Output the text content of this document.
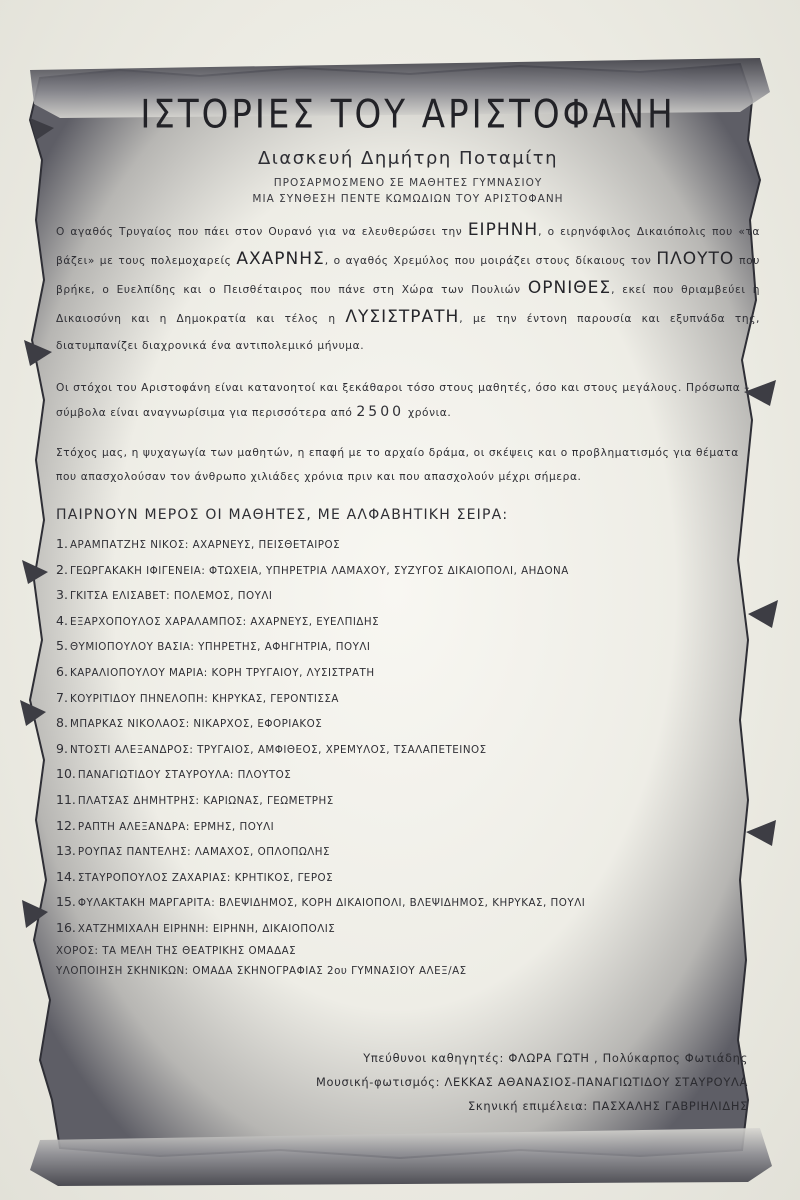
ΙΣΤΟΡΙΕΣ ΤΟΥ ΑΡΙΣΤΟΦΑΝΗ
Διασκευή Δημήτρη Ποταμίτη
ΠΡΟΣΑΡΜΟΣΜΕΝΟ ΣΕ ΜΑΘΗΤΕΣ ΓΥΜΝΑΣΙΟΥ
ΜΙΑ ΣΥΝΘΕΣΗ ΠΕΝΤΕ ΚΩΜΩΔΙΩΝ ΤΟΥ ΑΡΙΣΤΟΦΑΝΗ

Ο αγαθός Τρυγαίος που πάει στον Ουρανό για να ελευθερώσει την ΕΙΡΗΝΗ, ο ειρηνόφιλος Δικαιόπολις που «τα βάζει» με τους πολεμοχαρείς ΑΧΑΡΝΗΣ, ο αγαθός Χρεμύλος που μοιράζει στους δίκαιους τον ΠΛΟΥΤΟ που βρήκε, ο Ευελπίδης και ο Πεισθέταιρος που πάνε στη Χώρα των Πουλιών ΟΡΝΙΘΕΣ, εκεί που θριαμβεύει η Δικαιοσύνη και η Δημοκρατία και τέλος η ΛΥΣΙΣΤΡΑΤΗ, με την έντονη παρουσία και εξυπνάδα της, διατυμπανίζει διαχρονικά ένα αντιπολεμικό μήνυμα.

Οι στόχοι του Αριστοφάνη είναι κατανοητοί και ξεκάθαροι τόσο στους μαθητές, όσο και στους μεγάλους. Πρόσωπα – σύμβολα είναι αναγνωρίσιμα για περισσότερα από 2500 χρόνια.

Στόχος μας, η ψυχαγωγία των μαθητών, η επαφή με το αρχαίο δράμα, οι σκέψεις και ο προβληματισμός για θέματα που απασχολούσαν τον άνθρωπο χιλιάδες χρόνια πριν και που απασχολούν μέχρι σήμερα.

ΠΑΙΡΝΟΥΝ ΜΕΡΟΣ ΟΙ ΜΑΘΗΤΕΣ, ΜΕ ΑΛΦΑΒΗΤΙΚΗ ΣΕΙΡΑ:
1. ΑΡΑΜΠΑΤΖΗΣ ΝΙΚΟΣ: ΑΧΑΡΝΕΥΣ, ΠΕΙΣΘΕΤΑΙΡΟΣ
2. ΓΕΩΡΓΑΚΑΚΗ ΙΦΙΓΕΝΕΙΑ: ΦΤΩΧΕΙΑ, ΥΠΗΡΕΤΡΙΑ ΛΑΜΑΧΟΥ, ΣΥΖΥΓΟΣ ΔΙΚΑΙΟΠΟΛΙ, ΑΗΔΟΝΑ
3. ΓΚΙΤΣΑ ΕΛΙΣΑΒΕΤ: ΠΟΛΕΜΟΣ, ΠΟΥΛΙ
4. ΕΞΑΡΧΟΠΟΥΛΟΣ ΧΑΡΑΛΑΜΠΟΣ: ΑΧΑΡΝΕΥΣ, ΕΥΕΛΠΙΔΗΣ
5. ΘΥΜΙΟΠΟΥΛΟΥ ΒΑΣΙΑ: ΥΠΗΡΕΤΗΣ, ΑΦΗΓΗΤΡΙΑ, ΠΟΥΛΙ
6. ΚΑΡΑΛΙΟΠΟΥΛΟΥ ΜΑΡΙΑ: ΚΟΡΗ ΤΡΥΓΑΙΟΥ, ΛΥΣΙΣΤΡΑΤΗ
7. ΚΟΥΡΙΤΙΔΟΥ ΠΗΝΕΛΟΠΗ: ΚΗΡΥΚΑΣ, ΓΕΡΟΝΤΙΣΣΑ
8. ΜΠΑΡΚΑΣ ΝΙΚΟΛΑΟΣ: ΝΙΚΑΡΧΟΣ, ΕΦΟΡΙΑΚΟΣ
9. ΝΤΟΣΤΙ ΑΛΕΞΑΝΔΡΟΣ: ΤΡΥΓΑΙΟΣ, ΑΜΦΙΘΕΟΣ, ΧΡΕΜΥΛΟΣ, ΤΣΑΛΑΠΕΤΕΙΝΟΣ
10. ΠΑΝΑΓΙΩΤΙΔΟΥ ΣΤΑΥΡΟΥΛΑ: ΠΛΟΥΤΟΣ
11. ΠΛΑΤΣΑΣ ΔΗΜΗΤΡΗΣ: ΚΑΡΙΩΝΑΣ, ΓΕΩΜΕΤΡΗΣ
12. ΡΑΠΤΗ ΑΛΕΞΑΝΔΡΑ: ΕΡΜΗΣ, ΠΟΥΛΙ
13. ΡΟΥΠΑΣ ΠΑΝΤΕΛΗΣ: ΛΑΜΑΧΟΣ, ΟΠΛΟΠΩΛΗΣ
14. ΣΤΑΥΡΟΠΟΥΛΟΣ ΖΑΧΑΡΙΑΣ: ΚΡΗΤΙΚΟΣ, ΓΕΡΟΣ
15. ΦΥΛΑΚΤΑΚΗ ΜΑΡΓΑΡΙΤΑ: ΒΛΕΨΙΔΗΜΟΣ, ΚΟΡΗ ΔΙΚΑΙΟΠΟΛΙ, ΒΛΕΨΙΔΗΜΟΣ, ΚΗΡΥΚΑΣ, ΠΟΥΛΙ
16. ΧΑΤΖΗΜΙΧΑΛΗ ΕΙΡΗΝΗ: ΕΙΡΗΝΗ, ΔΙΚΑΙΟΠΟΛΙΣ

ΧΟΡΟΣ: ΤΑ ΜΕΛΗ ΤΗΣ ΘΕΑΤΡΙΚΗΣ ΟΜΑΔΑΣ

ΥΛΟΠΟΙΗΣΗ ΣΚΗΝΙΚΩΝ: ΟΜΑΔΑ ΣΚΗΝΟΓΡΑΦΙΑΣ 2ου ΓΥΜΝΑΣΙΟΥ ΑΛΕΞ/ΑΣ

Υπεύθυνοι καθηγητές: ΦΛΩΡΑ ΓΩΤΗ , Πολύκαρπος Φωτιάδης
Μουσική-φωτισμός: ΛΕΚΚΑΣ ΑΘΑΝΑΣΙΟΣ-ΠΑΝΑΓΙΩΤΙΔΟΥ ΣΤΑΥΡΟΥΛΑ
Σκηνική επιμέλεια: ΠΑΣΧΑΛΗΣ ΓΑΒΡΙΗΛΙΔΗΣ
